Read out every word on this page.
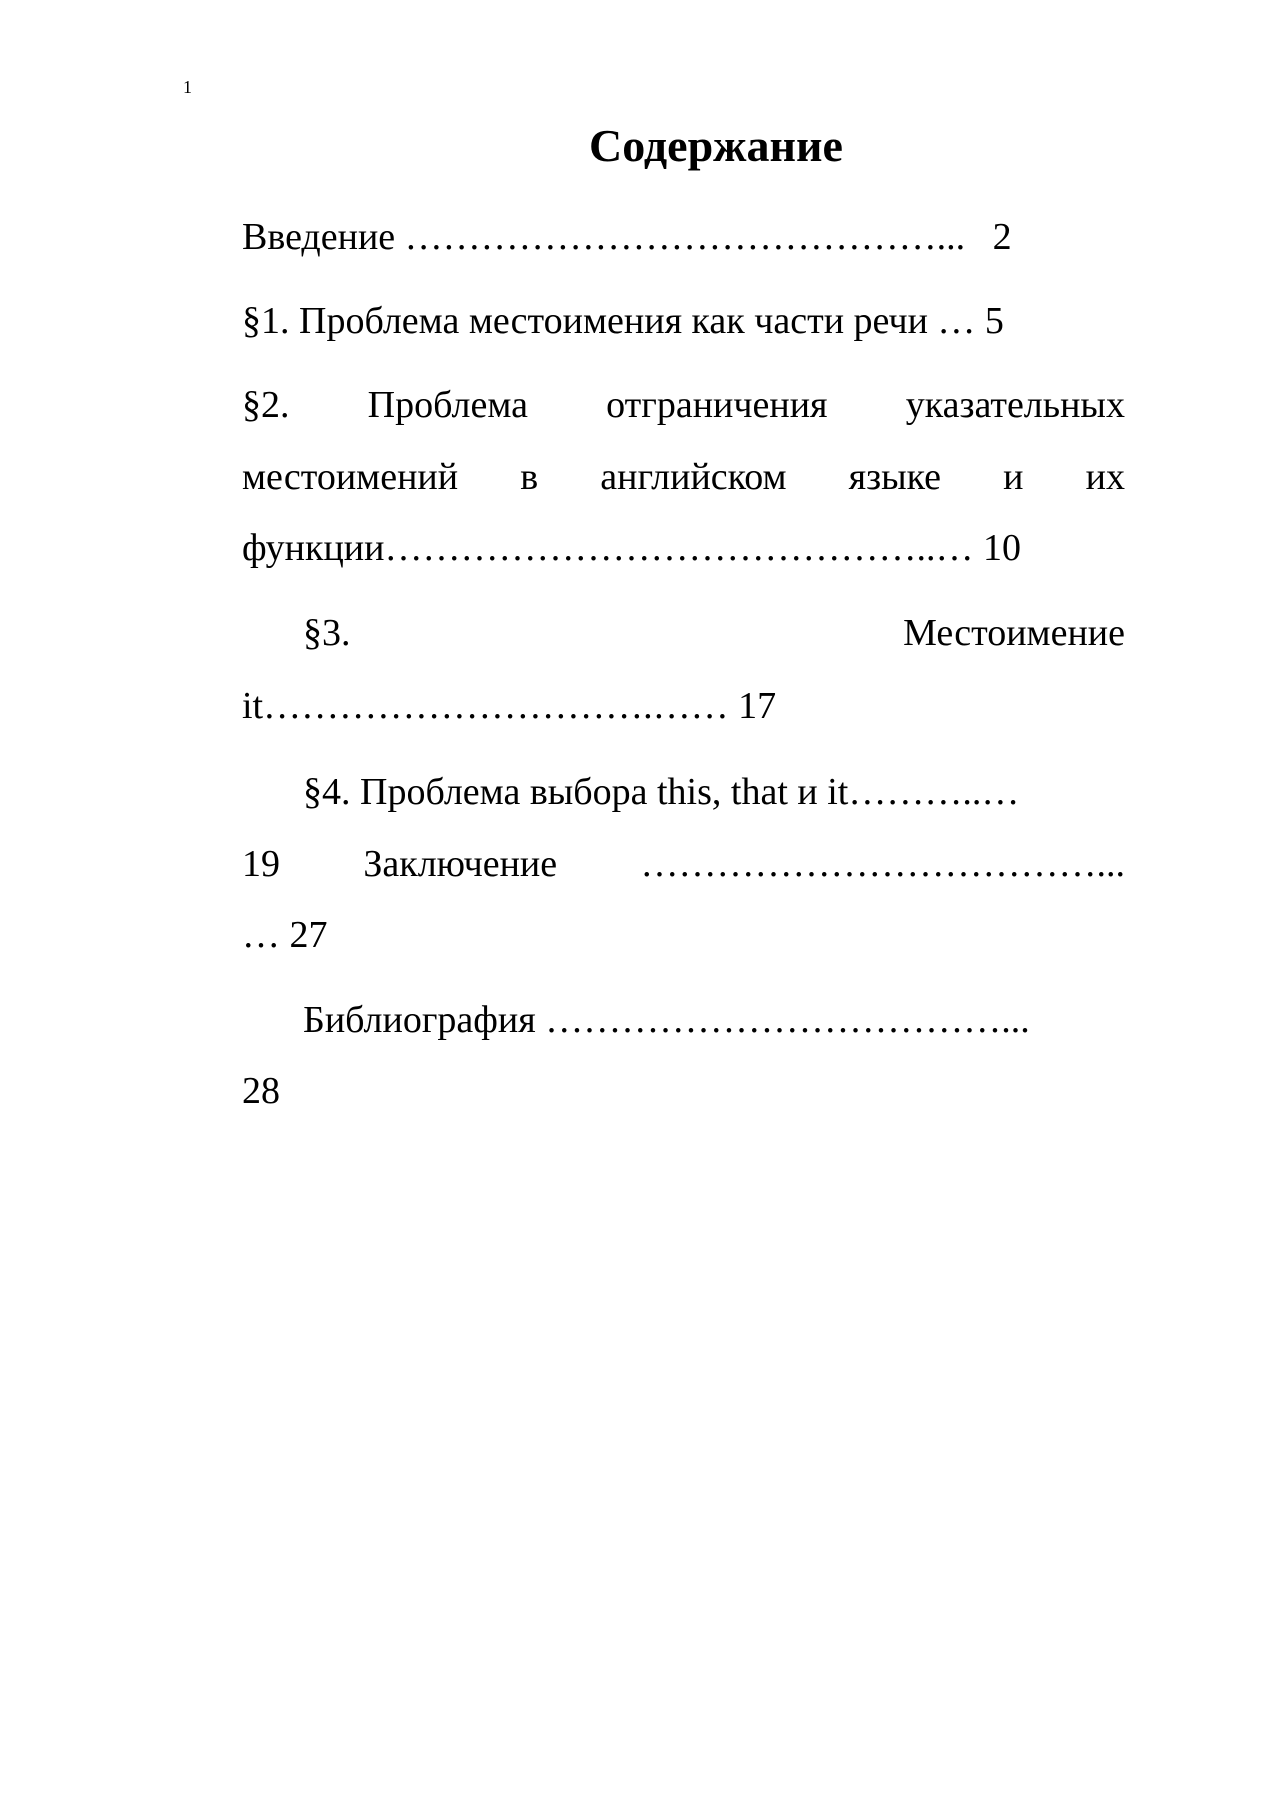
1
Содержание
Введение ……………………………………... 2
§1. Проблема местоимения как части речи … 5
§2. Проблема отграничения указательных
местоимений в английском языке и их
функции……………………………………..… 10
§3.	Местоимение
it………………………….…… 17
§4. Проблема выбора this, that и it………..…
19 Заключение ………………………………...
… 27
Библиография ………………………………...
28
